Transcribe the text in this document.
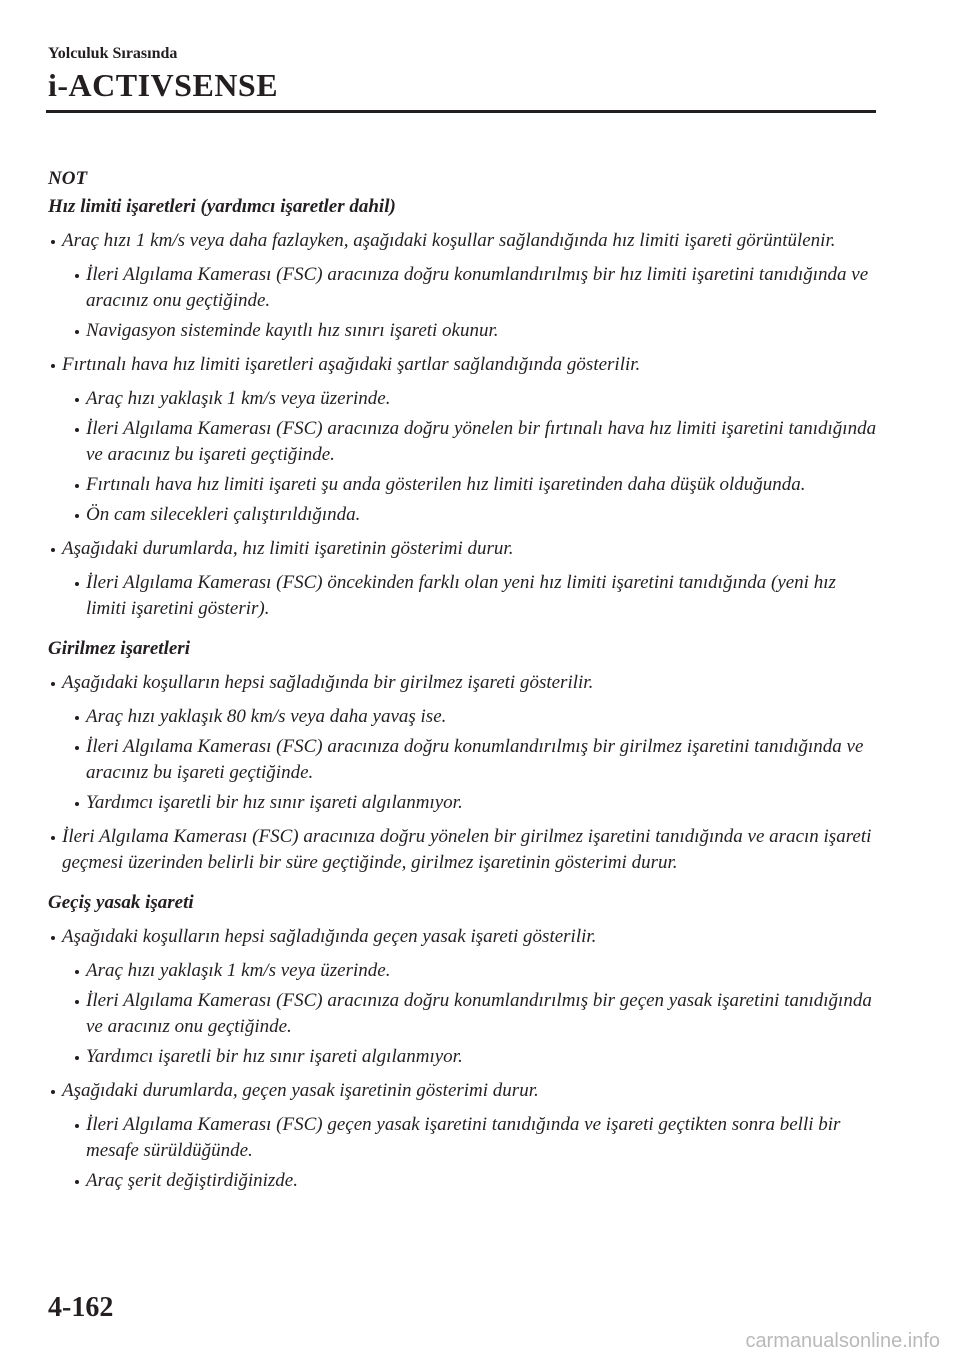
Yolculuk Sırasında
i-ACTIVSENSE
NOT
Hız limiti işaretleri (yardımcı işaretler dahil)
Araç hızı 1 km/s veya daha fazlayken, aşağıdaki koşullar sağlandığında hız limiti işareti görüntülenir.
İleri Algılama Kamerası (FSC) aracınıza doğru konumlandırılmış bir hız limiti işaretini tanıdığında ve aracınız onu geçtiğinde.
Navigasyon sisteminde kayıtlı hız sınırı işareti okunur.
Fırtınalı hava hız limiti işaretleri aşağıdaki şartlar sağlandığında gösterilir.
Araç hızı yaklaşık 1 km/s veya üzerinde.
İleri Algılama Kamerası (FSC) aracınıza doğru yönelen bir fırtınalı hava hız limiti işaretini tanıdığında ve aracınız bu işareti geçtiğinde.
Fırtınalı hava hız limiti işareti şu anda gösterilen hız limiti işaretinden daha düşük olduğunda.
Ön cam silecekleri çalıştırıldığında.
Aşağıdaki durumlarda, hız limiti işaretinin gösterimi durur.
İleri Algılama Kamerası (FSC) öncekinden farklı olan yeni hız limiti işaretini tanıdığında (yeni hız limiti işaretini gösterir).
Girilmez işaretleri
Aşağıdaki koşulların hepsi sağladığında bir girilmez işareti gösterilir.
Araç hızı yaklaşık 80 km/s veya daha yavaş ise.
İleri Algılama Kamerası (FSC) aracınıza doğru konumlandırılmış bir girilmez işaretini tanıdığında ve aracınız bu işareti geçtiğinde.
Yardımcı işaretli bir hız sınır işareti algılanmıyor.
İleri Algılama Kamerası (FSC) aracınıza doğru yönelen bir girilmez işaretini tanıdığında ve aracın işareti geçmesi üzerinden belirli bir süre geçtiğinde, girilmez işaretinin gösterimi durur.
Geçiş yasak işareti
Aşağıdaki koşulların hepsi sağladığında geçen yasak işareti gösterilir.
Araç hızı yaklaşık 1 km/s veya üzerinde.
İleri Algılama Kamerası (FSC) aracınıza doğru konumlandırılmış bir geçen yasak işaretini tanıdığında ve aracınız onu geçtiğinde.
Yardımcı işaretli bir hız sınır işareti algılanmıyor.
Aşağıdaki durumlarda, geçen yasak işaretinin gösterimi durur.
İleri Algılama Kamerası (FSC) geçen yasak işaretini tanıdığında ve işareti geçtikten sonra belli bir mesafe sürüldüğünde.
Araç şerit değiştirdiğinizde.
4-162
carmanualsonline.info
